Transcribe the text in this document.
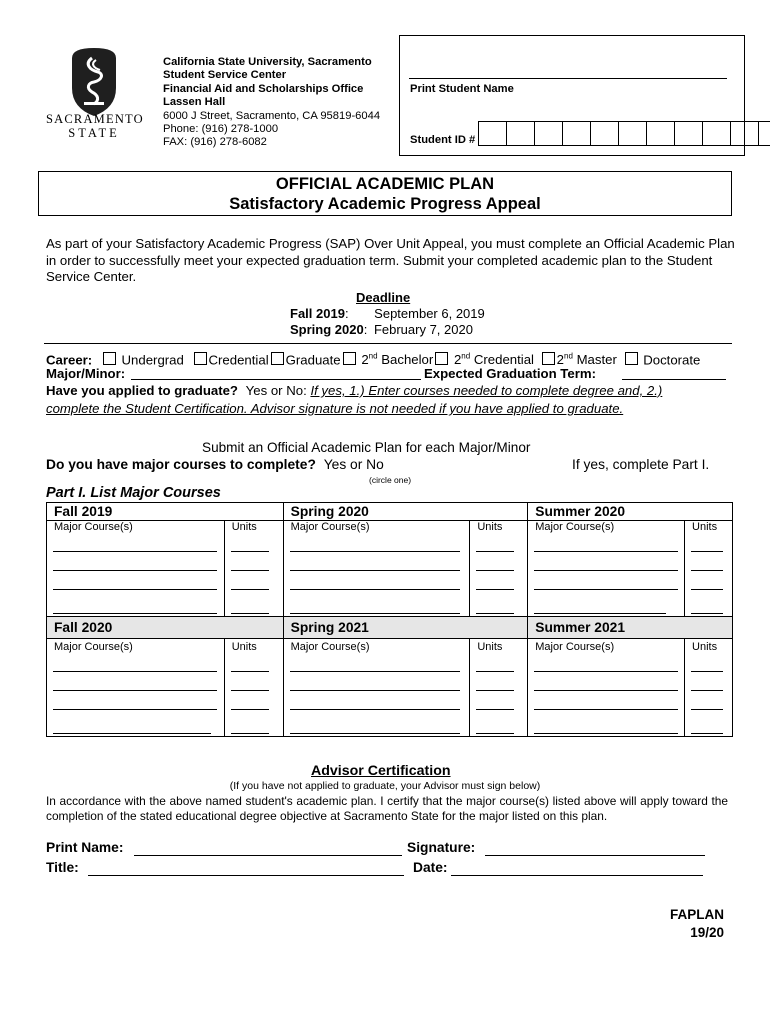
SACRAMENTO
STATE
California State University, Sacramento
Student Service Center
Financial Aid and Scholarships Office
Lassen Hall
6000 J Street, Sacramento, CA 95819-6044
Phone: (916) 278-1000
FAX: (916) 278-6082
Print Student Name
Student ID #
OFFICIAL ACADEMIC PLAN
Satisfactory Academic Progress Appeal
As part of your Satisfactory Academic Progress (SAP) Over Unit Appeal, you must complete an Official Academic Plan in order to successfully meet your expected graduation term. Submit your completed academic plan to the Student Service Center.
Deadline
Fall 2019: September 6, 2019
Spring 2020: February 7, 2020
Career: Undergrad Credential Graduate 2nd Bachelor 2nd Credential 2nd Master Doctorate
Major/Minor:	Expected Graduation Term:
Have you applied to graduate? Yes or No: If yes, 1.) Enter courses needed to complete degree and, 2.)
complete the Student Certification. Advisor signature is not needed if you have applied to graduate.
Submit an Official Academic Plan for each Major/Minor
Do you have major courses to complete? Yes or No	If yes, complete Part I.
(circle one)
Part I. List Major Courses
Fall 2019		Spring 2020		Summer 2020	
Major Course(s)	Units	Major Course(s)	Units	Major Course(s)	Units

Fall 2020		Spring 2021		Summer 2021	
Major Course(s)	Units	Major Course(s)	Units	Major Course(s)	Units

Advisor Certification
(If you have not applied to graduate, your Advisor must sign below)
In accordance with the above named student's academic plan. I certify that the major course(s) listed above will apply toward the completion of the stated educational degree objective at Sacramento State for the major listed on this plan.
Print Name:	Signature:
Title:	Date:
FAPLAN
19/20
